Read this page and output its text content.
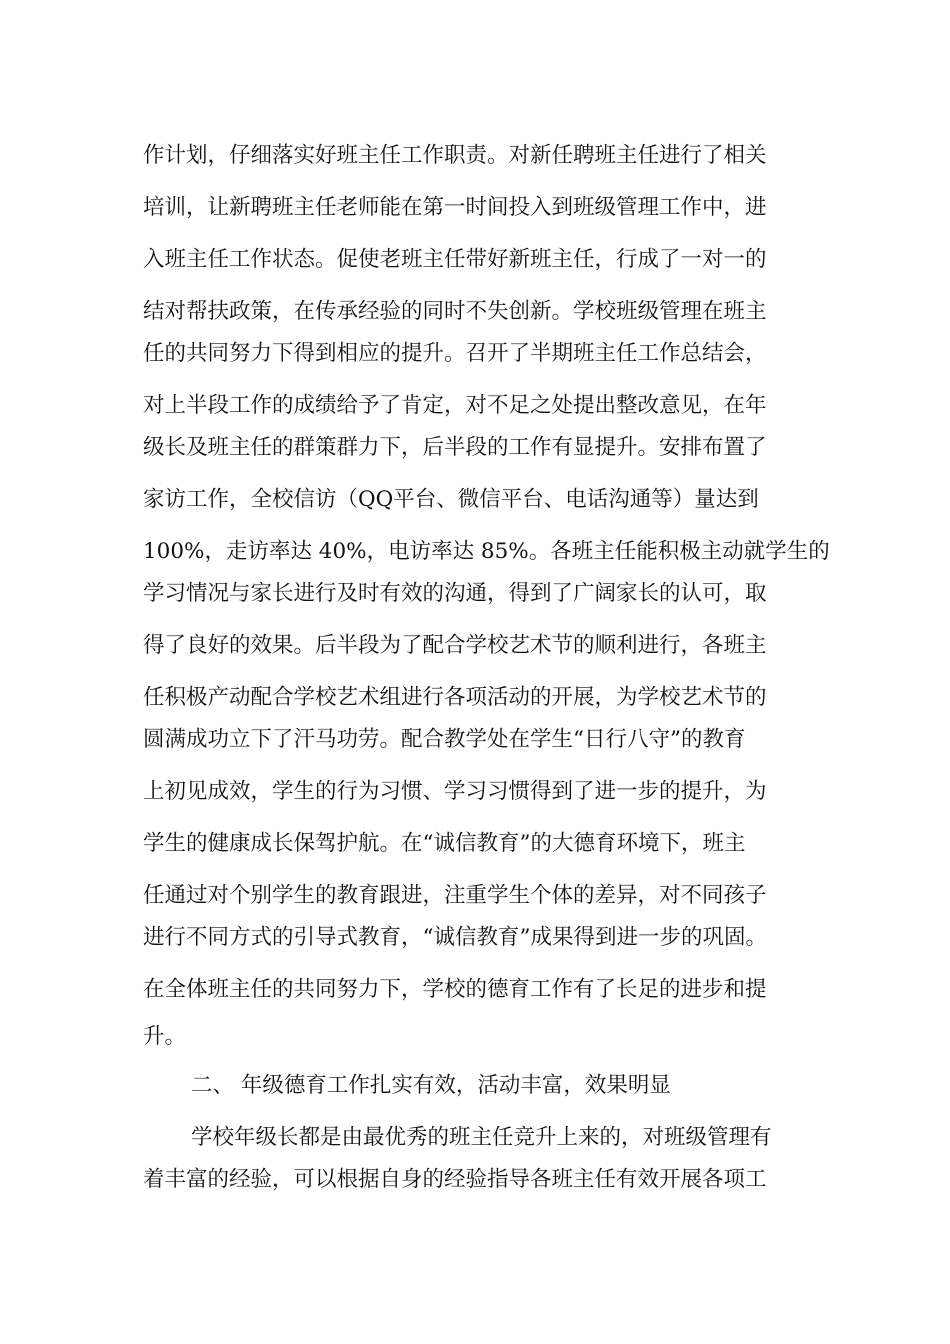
作计划，仔细落实好班主任工作职责。对新任聘班主任进行了相关
培训，让新聘班主任老师能在第一时间投入到班级管理工作中，进
入班主任工作状态。促使老班主任带好新班主任，行成了一对一的
结对帮扶政策，在传承经验的同时不失创新。学校班级管理在班主
任的共同努力下得到相应的提升。召开了半期班主任工作总结会，
对上半段工作的成绩给予了肯定，对不足之处提出整改意见，在年
级长及班主任的群策群力下，后半段的工作有显提升。安排布置了
家访工作，全校信访（QQ平台、微信平台、电话沟通等）量达到
100%，走访率达 40%，电访率达 85%。各班主任能积极主动就学生的
学习情况与家长进行及时有效的沟通，得到了广阔家长的认可，取
得了良好的效果。后半段为了配合学校艺术节的顺利进行，各班主
任积极产动配合学校艺术组进行各项活动的开展，为学校艺术节的
圆满成功立下了汗马功劳。配合教学处在学生“日行八守”的教育
上初见成效，学生的行为习惯、学习习惯得到了进一步的提升，为
学生的健康成长保驾护航。在“诚信教育”的大德育环境下，班主
任通过对个别学生的教育跟进，注重学生个体的差异，对不同孩子
进行不同方式的引导式教育，“诚信教育”成果得到进一步的巩固。
在全体班主任的共同努力下，学校的德育工作有了长足的进步和提
升。
二、 年级德育工作扎实有效，活动丰富，效果明显
学校年级长都是由最优秀的班主任竞升上来的，对班级管理有
着丰富的经验，可以根据自身的经验指导各班主任有效开展各项工
